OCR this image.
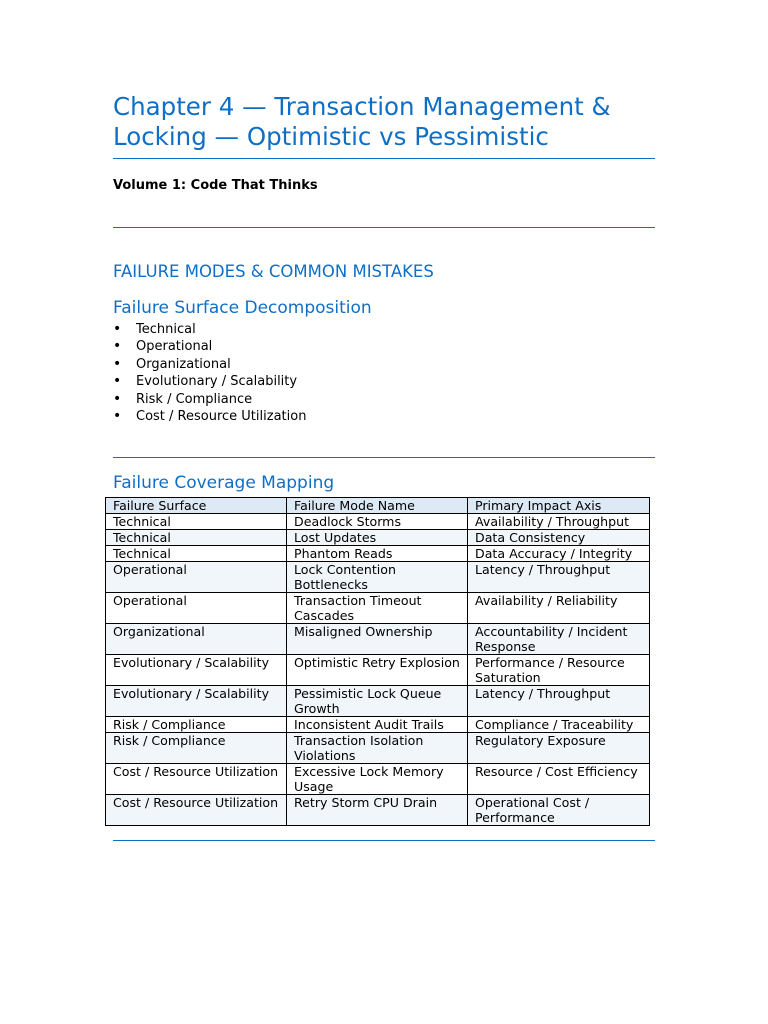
Chapter 4 — Transaction Management & Locking — Optimistic vs Pessimistic

Volume 1: Code That Thinks

FAILURE MODES & COMMON MISTAKES
Failure Surface Decomposition
• Technical
• Operational
• Organizational
• Evolutionary / Scalability
• Risk / Compliance
• Cost / Resource Utilization
Failure Coverage Mapping
Failure Surface	Failure Mode Name	Primary Impact Axis
Technical	Deadlock Storms	Availability / Throughput
Technical	Lost Updates	Data Consistency
Technical	Phantom Reads	Data Accuracy / Integrity
Operational	Lock Contention Bottlenecks	Latency / Throughput
Operational	Transaction Timeout Cascades	Availability / Reliability
Organizational	Misaligned Ownership	Accountability / Incident Response
Evolutionary / Scalability	Optimistic Retry Explosion	Performance / Resource Saturation
Evolutionary / Scalability	Pessimistic Lock Queue Growth	Latency / Throughput
Risk / Compliance	Inconsistent Audit Trails	Compliance / Traceability
Risk / Compliance	Transaction Isolation Violations	Regulatory Exposure
Cost / Resource Utilization	Excessive Lock Memory Usage	Resource / Cost Efficiency
Cost / Resource Utilization	Retry Storm CPU Drain	Operational Cost / Performance
